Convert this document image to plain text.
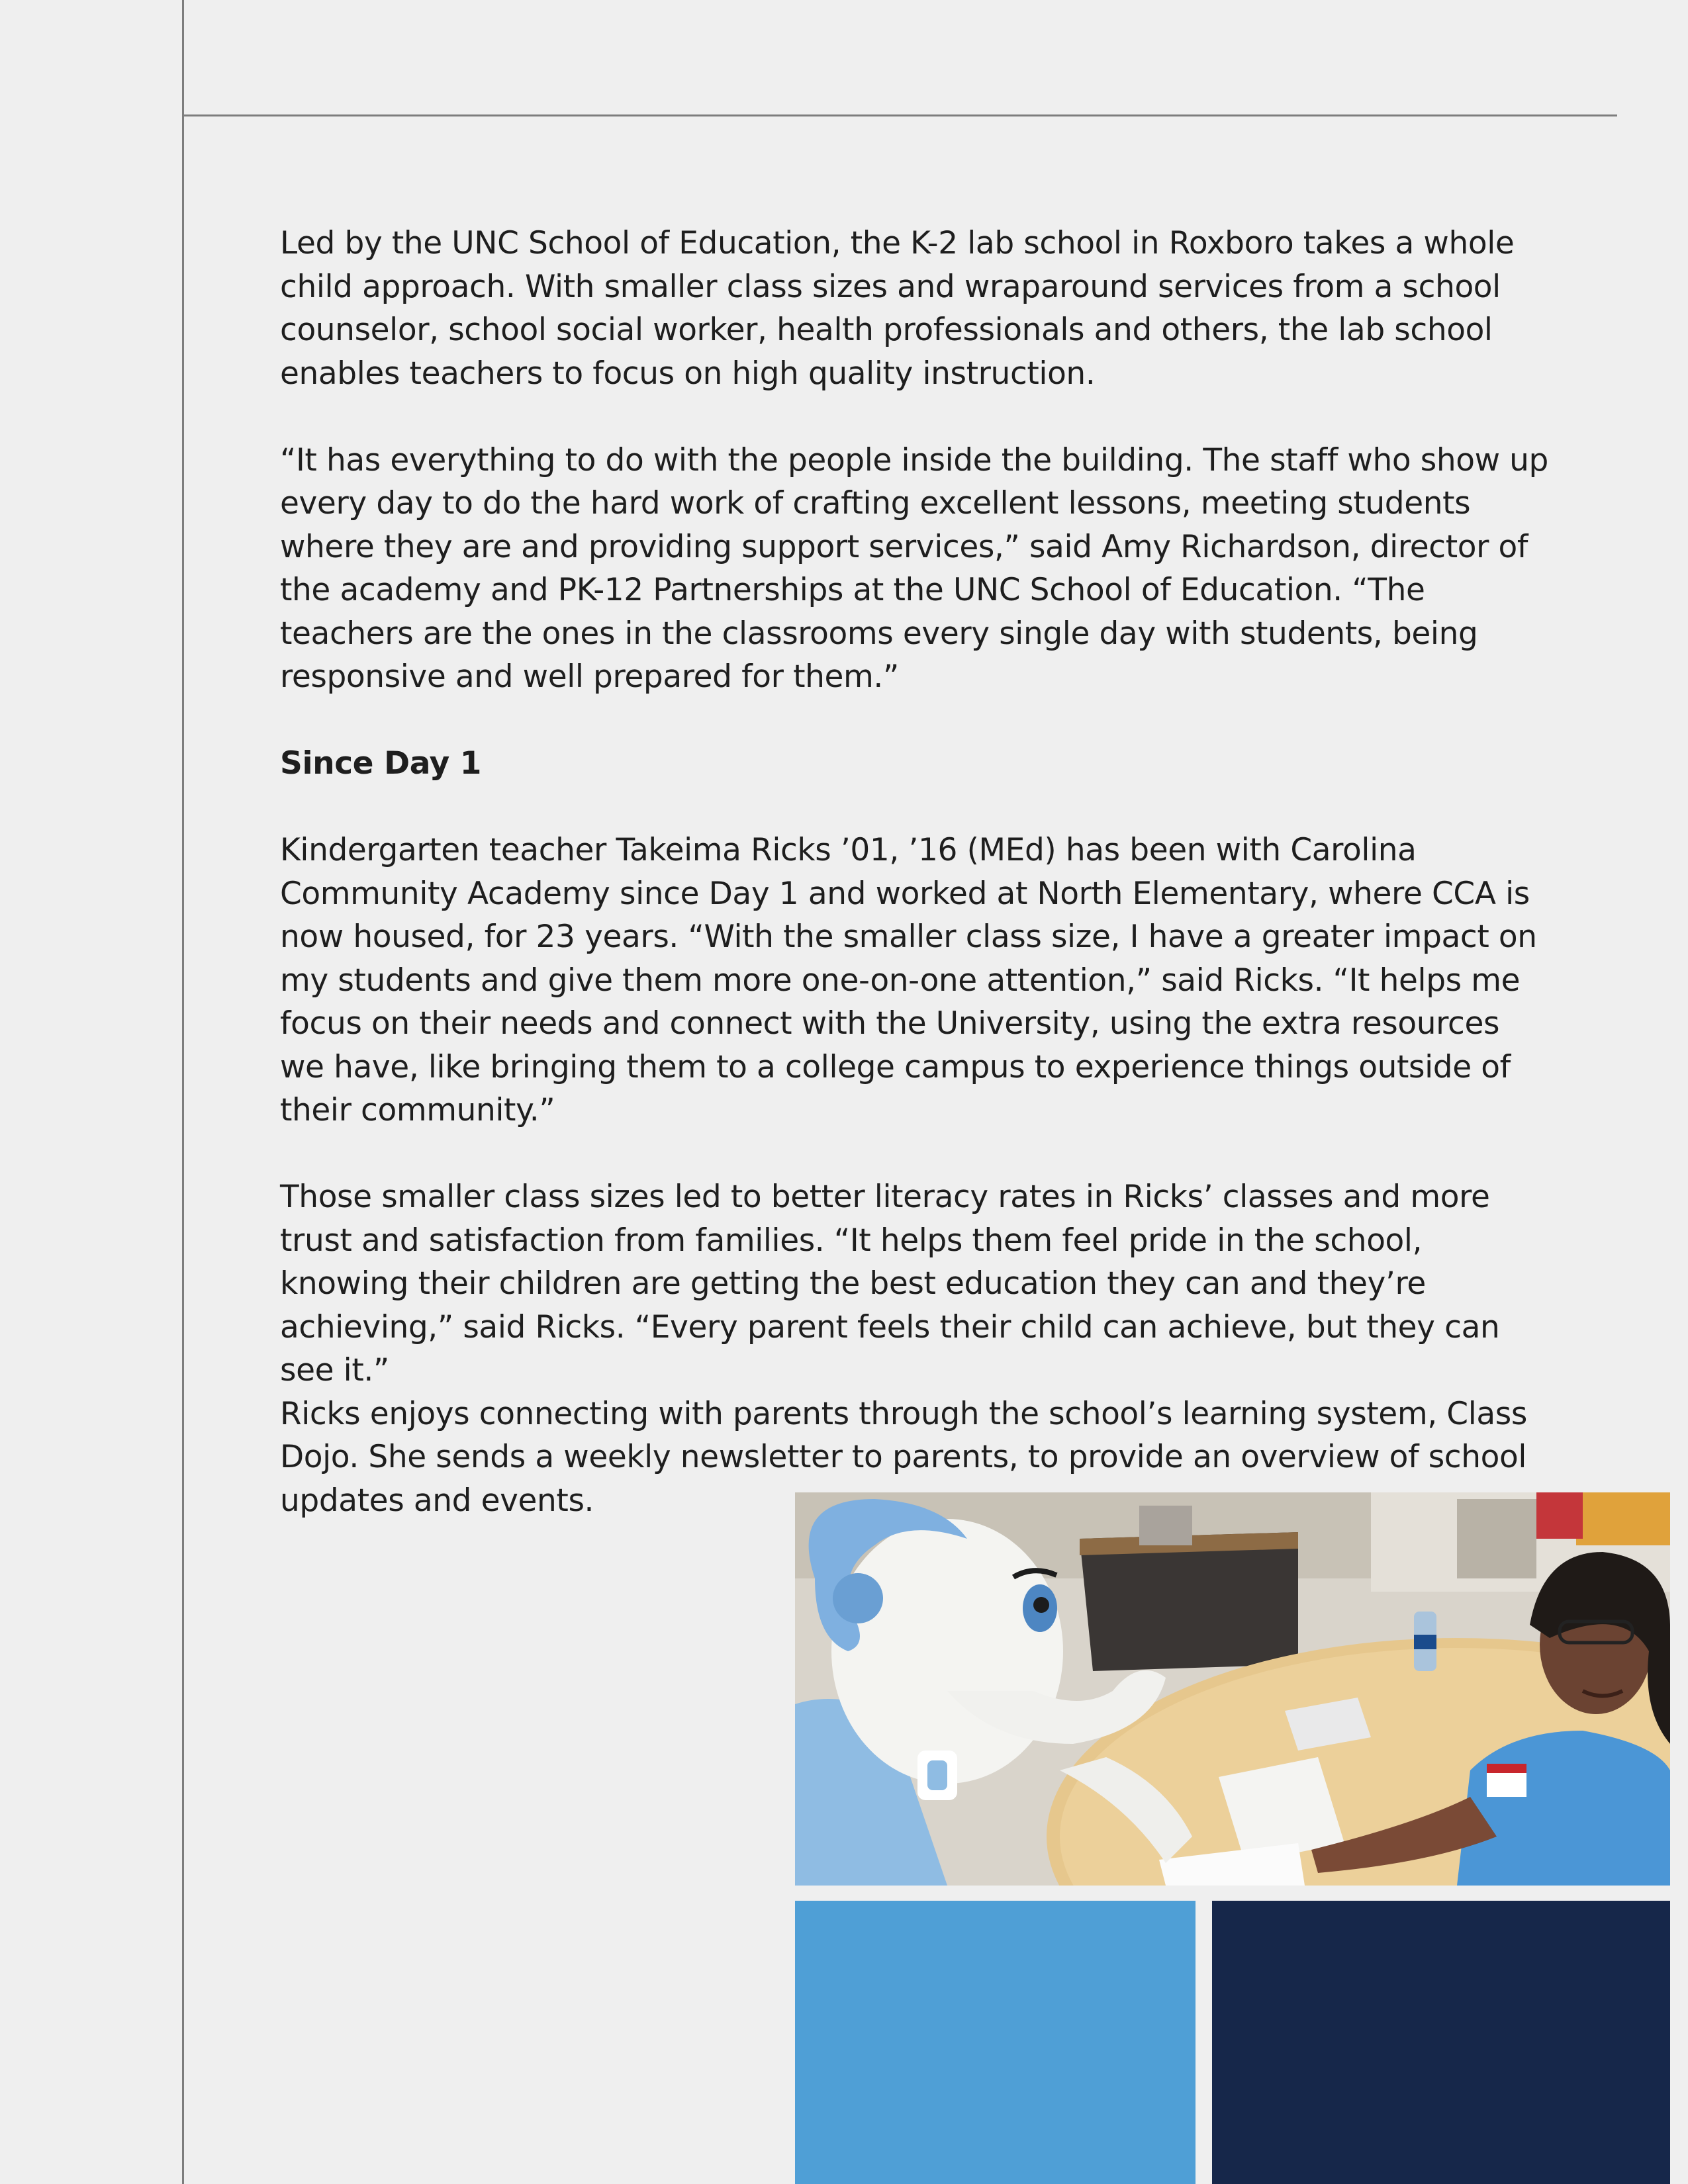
Led by the UNC School of Education, the K-2 lab school in Roxboro takes a whole child approach. With smaller class sizes and wraparound services from a school counselor, school social worker, health professionals and others, the lab school enables teachers to focus on high quality instruction.

“It has everything to do with the people inside the building. The staff who show up every day to do the hard work of crafting excellent lessons, meeting students where they are and providing support services,” said Amy Richardson, director of the academy and PK-12 Partnerships at the UNC School of Education. “The teachers are the ones in the classrooms every single day with students, being responsive and well prepared for them.”

Since Day 1

Kindergarten teacher Takeima Ricks ’01, ’16 (MEd) has been with Carolina Community Academy since Day 1 and worked at North Elementary, where CCA is now housed, for 23 years. “With the smaller class size, I have a greater impact on my students and give them more one-on-one attention,” said Ricks. “It helps me focus on their needs and connect with the University, using the extra resources we have, like bringing them to a college campus to experience things outside of their community.”

Those smaller class sizes led to better literacy rates in Ricks’ classes and more trust and satisfaction from families. “It helps them feel pride in the school, knowing their children are getting the best education they can and they’re achieving,” said Ricks. “Every parent feels their child can achieve, but they can see it.”

Ricks enjoys connecting with parents through the school’s learning system, Class Dojo. She sends a weekly newsletter to parents, to provide an overview of school updates and events.
